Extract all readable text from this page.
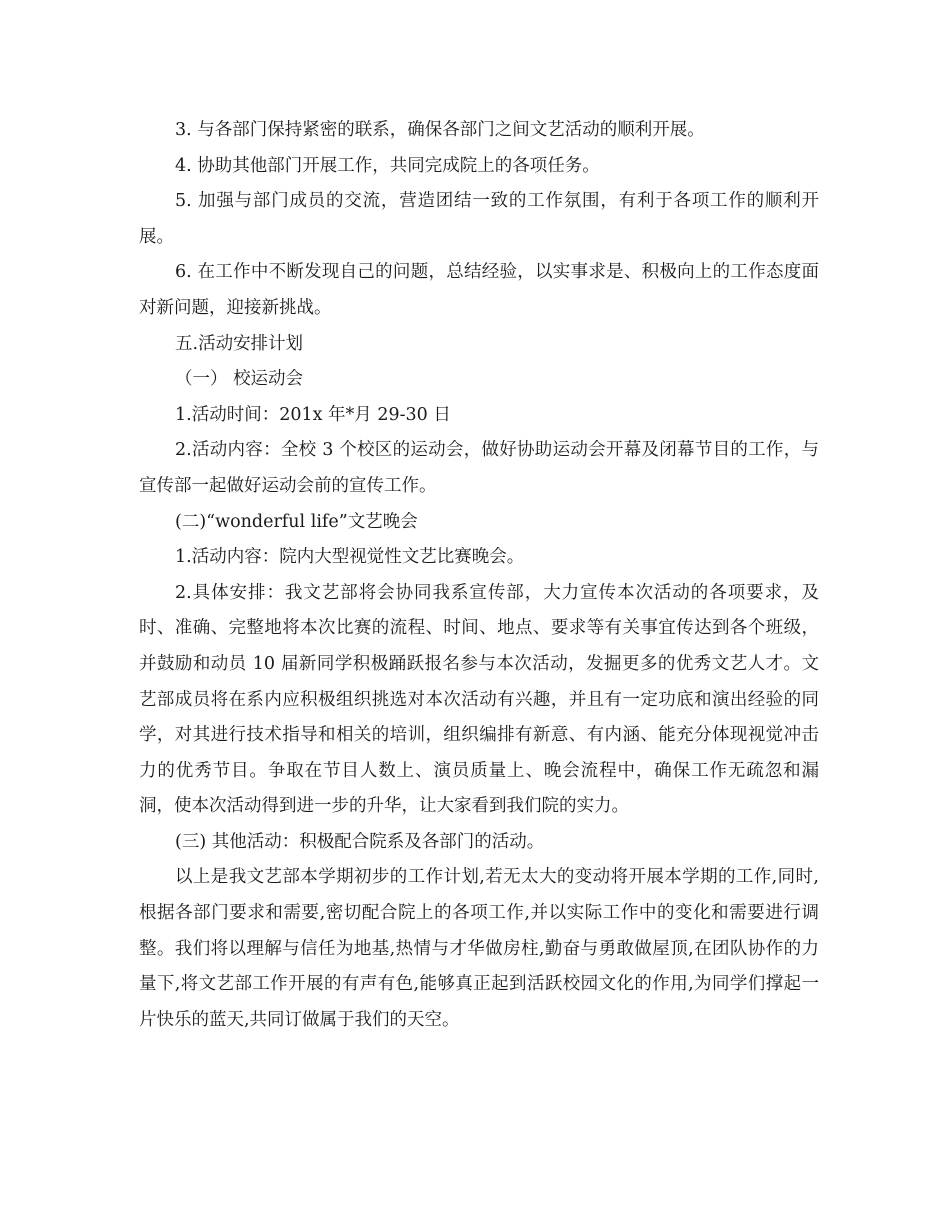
3. 与各部门保持紧密的联系，确保各部门之间文艺活动的顺利开展。

4. 协助其他部门开展工作，共同完成院上的各项任务。

5. 加强与部门成员的交流，营造团结一致的工作氛围，有利于各项工作的顺利开展。

6. 在工作中不断发现自己的问题，总结经验，以实事求是、积极向上的工作态度面对新问题，迎接新挑战。

五.活动安排计划

（一） 校运动会

1.活动时间：201x 年*月 29-30 日

2.活动内容：全校 3 个校区的运动会，做好协助运动会开幕及闭幕节目的工作，与宣传部一起做好运动会前的宣传工作。

(二)“wonderful life”文艺晚会

1.活动内容：院内大型视觉性文艺比赛晚会。

2.具体安排：我文艺部将会协同我系宣传部，大力宣传本次活动的各项要求，及时、准确、完整地将本次比赛的流程、时间、地点、要求等有关事宜传达到各个班级，并鼓励和动员 10 届新同学积极踊跃报名参与本次活动，发掘更多的优秀文艺人才。文艺部成员将在系内应积极组织挑选对本次活动有兴趣，并且有一定功底和演出经验的同学，对其进行技术指导和相关的培训，组织编排有新意、有内涵、能充分体现视觉冲击力的优秀节目。争取在节目人数上、演员质量上、晚会流程中，确保工作无疏忽和漏洞，使本次活动得到进一步的升华，让大家看到我们院的实力。

(三) 其他活动：积极配合院系及各部门的活动。

以上是我文艺部本学期初步的工作计划,若无太大的变动将开展本学期的工作,同时,根据各部门要求和需要,密切配合院上的各项工作,并以实际工作中的变化和需要进行调整。我们将以理解与信任为地基,热情与才华做房柱,勤奋与勇敢做屋顶,在团队协作的力量下,将文艺部工作开展的有声有色,能够真正起到活跃校园文化的作用,为同学们撑起一片快乐的蓝天,共同订做属于我们的天空。
